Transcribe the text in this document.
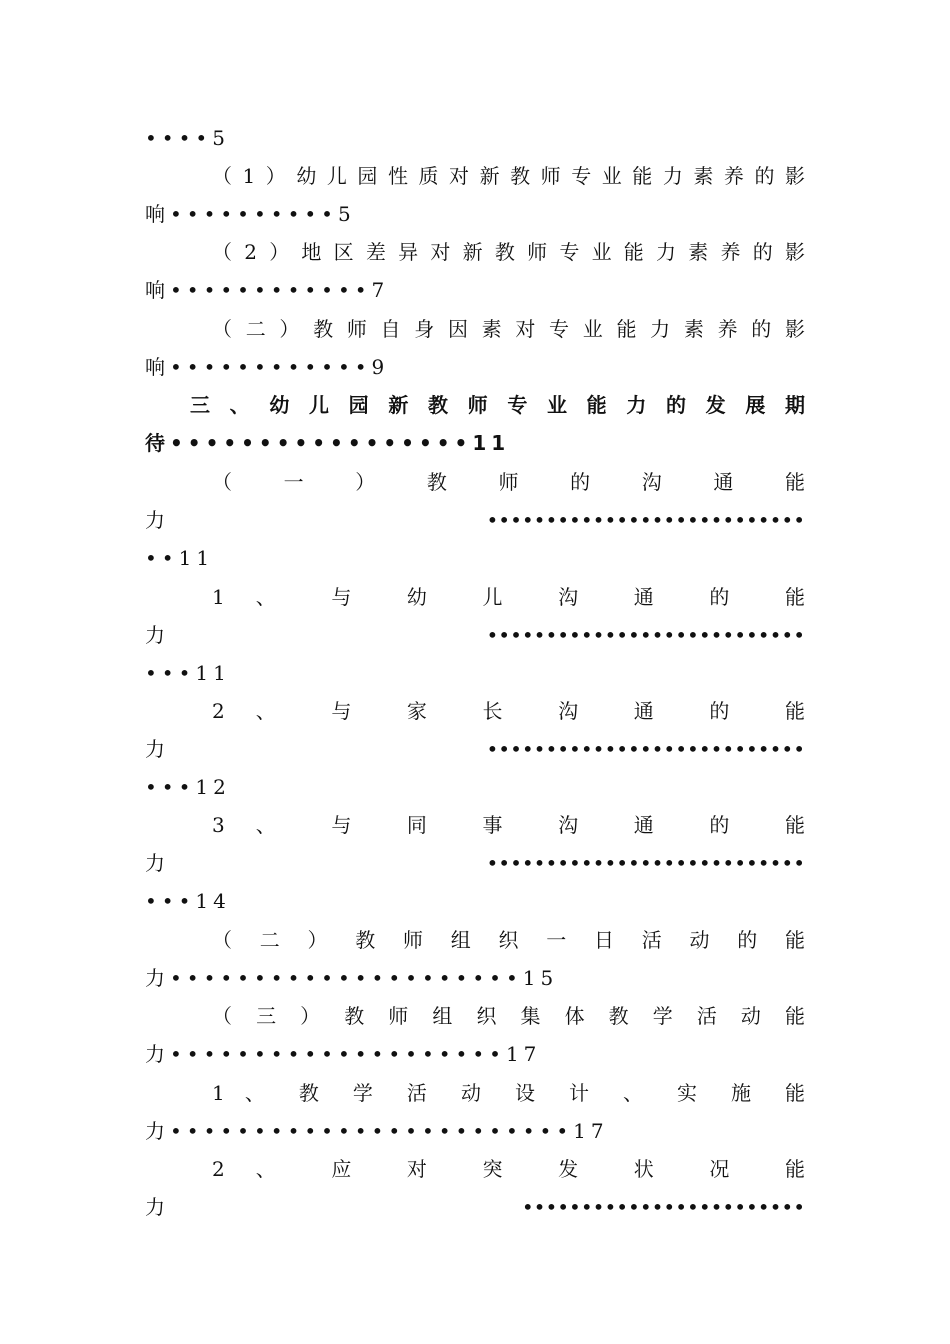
••••5
（1）幼儿园性质对新教师专业能力素养的影
响••••••••••5
（2）地区差异对新教师专业能力素养的影
响••••••••••••7
（二）教师自身因素对专业能力素养的影
响••••••••••••9
三、幼儿园新教师专业能力的发展期
待•••••••••••••••••11
（ 一 ） 教 师 的 沟 通 能
力 •••••••••••••••••••••••••••
••11
1 、 与 幼 儿 沟 通 的 能
力 •••••••••••••••••••••••••••
•••11
2 、 与 家 长 沟 通 的 能
力 •••••••••••••••••••••••••••
•••12
3 、 与 同 事 沟 通 的 能
力 •••••••••••••••••••••••••••
•••14
（ 二 ） 教 师 组 织 一 日 活 动 的 能
力•••••••••••••••••••••15
（ 三 ） 教 师 组 织 集 体 教 学 活 动 能
力••••••••••••••••••••17
1 、 教 学 活 动 设 计 、 实 施 能
力••••••••••••••••••••••••17
2 、 应 对 突 发 状 况 能
力 ••••••••••••••••••••••••
